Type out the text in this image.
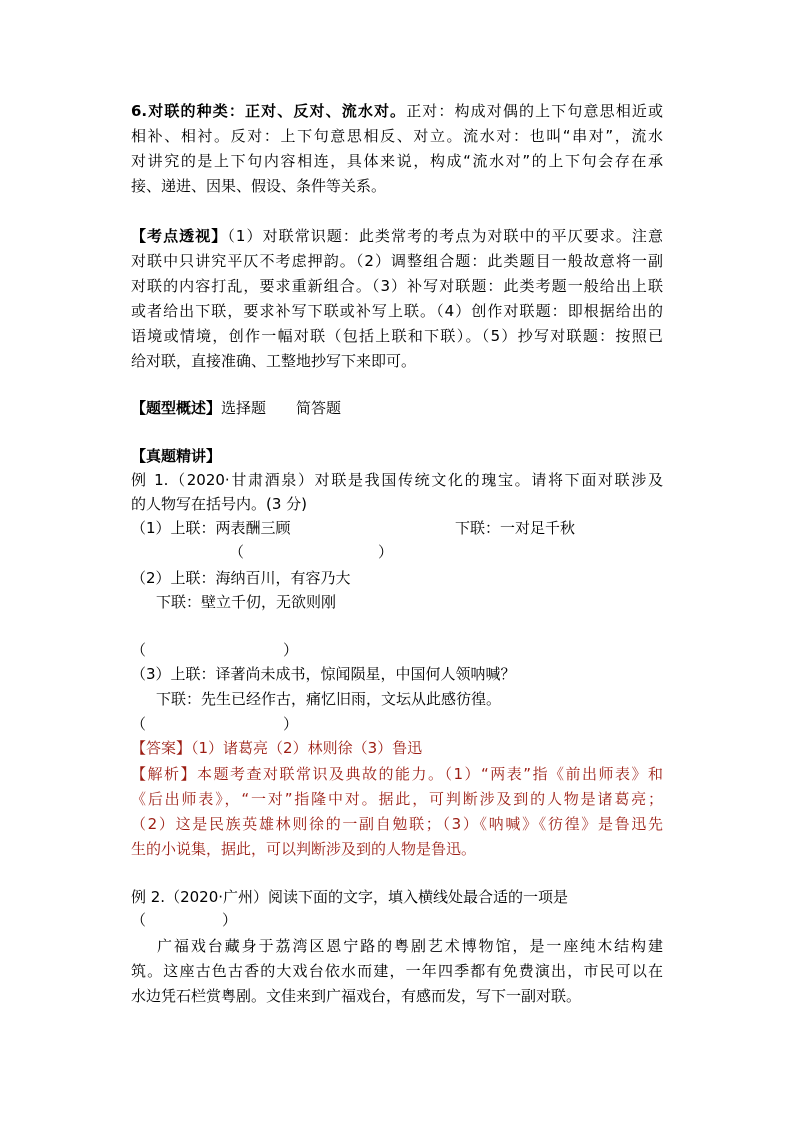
6.对联的种类：正对、反对、流水对。正对：构成对偶的上下句意思相近或
相补、相衬。反对：上下句意思相反、对立。流水对：也叫“串对”，流水
对讲究的是上下句内容相连，具体来说，构成“流水对”的上下句会存在承
接、递进、因果、假设、条件等关系。
【考点透视】（1）对联常识题：此类常考的考点为对联中的平仄要求。注意
对联中只讲究平仄不考虑押韵。（2）调整组合题：此类题目一般故意将一副
对联的内容打乱，要求重新组合。（3）补写对联题：此类考题一般给出上联
或者给出下联，要求补写下联或补写上联。（4）创作对联题：即根据给出的
语境或情境，创作一幅对联（包括上联和下联）。（5）抄写对联题：按照已
给对联，直接准确、工整地抄写下来即可。
【题型概述】选择题 简答题
【真题精讲】
例 1.（2020·甘肃酒泉）对联是我国传统文化的瑰宝。请将下面对联涉及
的人物写在括号内。(3 分)
（1）上联：两表酬三顾	下联：一对足千秋
（	）
（2）上联：海纳百川，有容乃大
下联：壁立千仞，无欲则刚
（	）
（3）上联：译著尚未成书，惊闻陨星，中国何人领呐喊？
下联：先生已经作古，痛忆旧雨，文坛从此感彷徨。
（	）
【答案】（1）诸葛亮（2）林则徐（3）鲁迅
【解析】本题考查对联常识及典故的能力。（1）“两表”指《前出师表》和
《后出师表》，“一对”指隆中对。据此，可判断涉及到的人物是诸葛亮；
（2）这是民族英雄林则徐的一副自勉联；（3）《呐喊》《彷徨》是鲁迅先
生的小说集，据此，可以判断涉及到的人物是鲁迅。
例 2.（2020·广州）阅读下面的文字，填入横线处最合适的一项是
（	）
广福戏台藏身于荔湾区恩宁路的粤剧艺术博物馆，是一座纯木结构建
筑。这座古色古香的大戏台依水而建，一年四季都有免费演出，市民可以在
水边凭石栏赏粤剧。文佳来到广福戏台，有感而发，写下一副对联。
